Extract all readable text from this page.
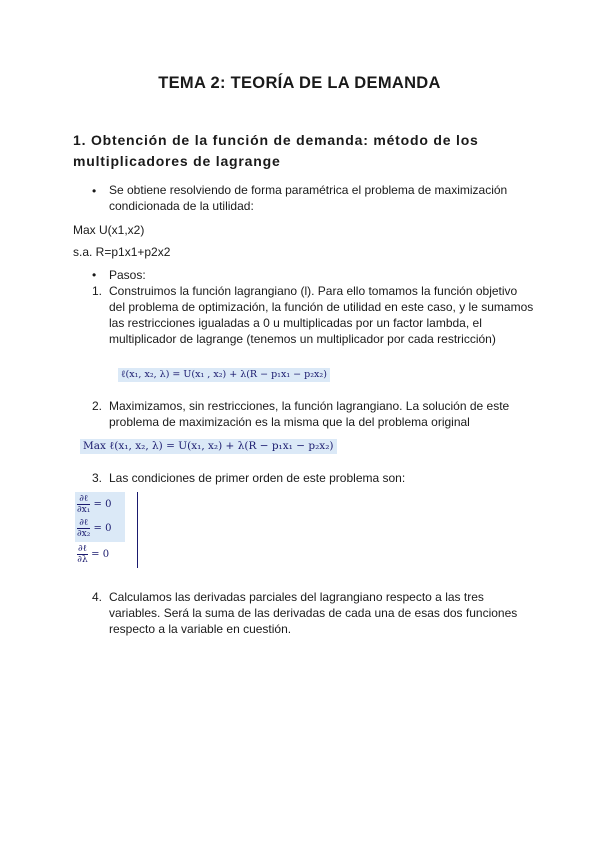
TEMA 2: TEORÍA DE LA DEMANDA
1. Obtención de la función de demanda: método de los multiplicadores de lagrange
• Se obtiene resolviendo de forma paramétrica el problema de maximización condicionada de la utilidad:
Max U(x1,x2)
s.a. R=p1x1+p2x2
• Pasos:
1. Construimos la función lagrangiano (l). Para ello tomamos la función objetivo del problema de optimización, la función de utilidad en este caso, y le sumamos las restricciones igualadas a 0 u multiplicadas por un factor lambda, el multiplicador de lagrange (tenemos un multiplicador por cada restricción)
ℓ(x₁, x₂, λ) = U(x₁ , x₂) + λ(R − p₁x₁ − p₂x₂)
2. Maximizamos, sin restricciones, la función lagrangiano. La solución de este problema de maximización es la misma que la del problema original
Max ℓ(x₁, x₂, λ) = U(x₁, x₂) + λ(R − p₁x₁ − p₂x₂)
3. Las condiciones de primer orden de este problema son:
$\frac{\text{∂ℓ}}{\text{∂x₁}} = 0$
$\frac{\text{∂ℓ}}{\text{∂x₂}} = 0$
$\frac{\text{∂ℓ}}{\partial\lambda} = 0$
4. Calculamos las derivadas parciales del lagrangiano respecto a las tres variables. Será la suma de las derivadas de cada una de esas dos funciones respecto a la variable en cuestión.
